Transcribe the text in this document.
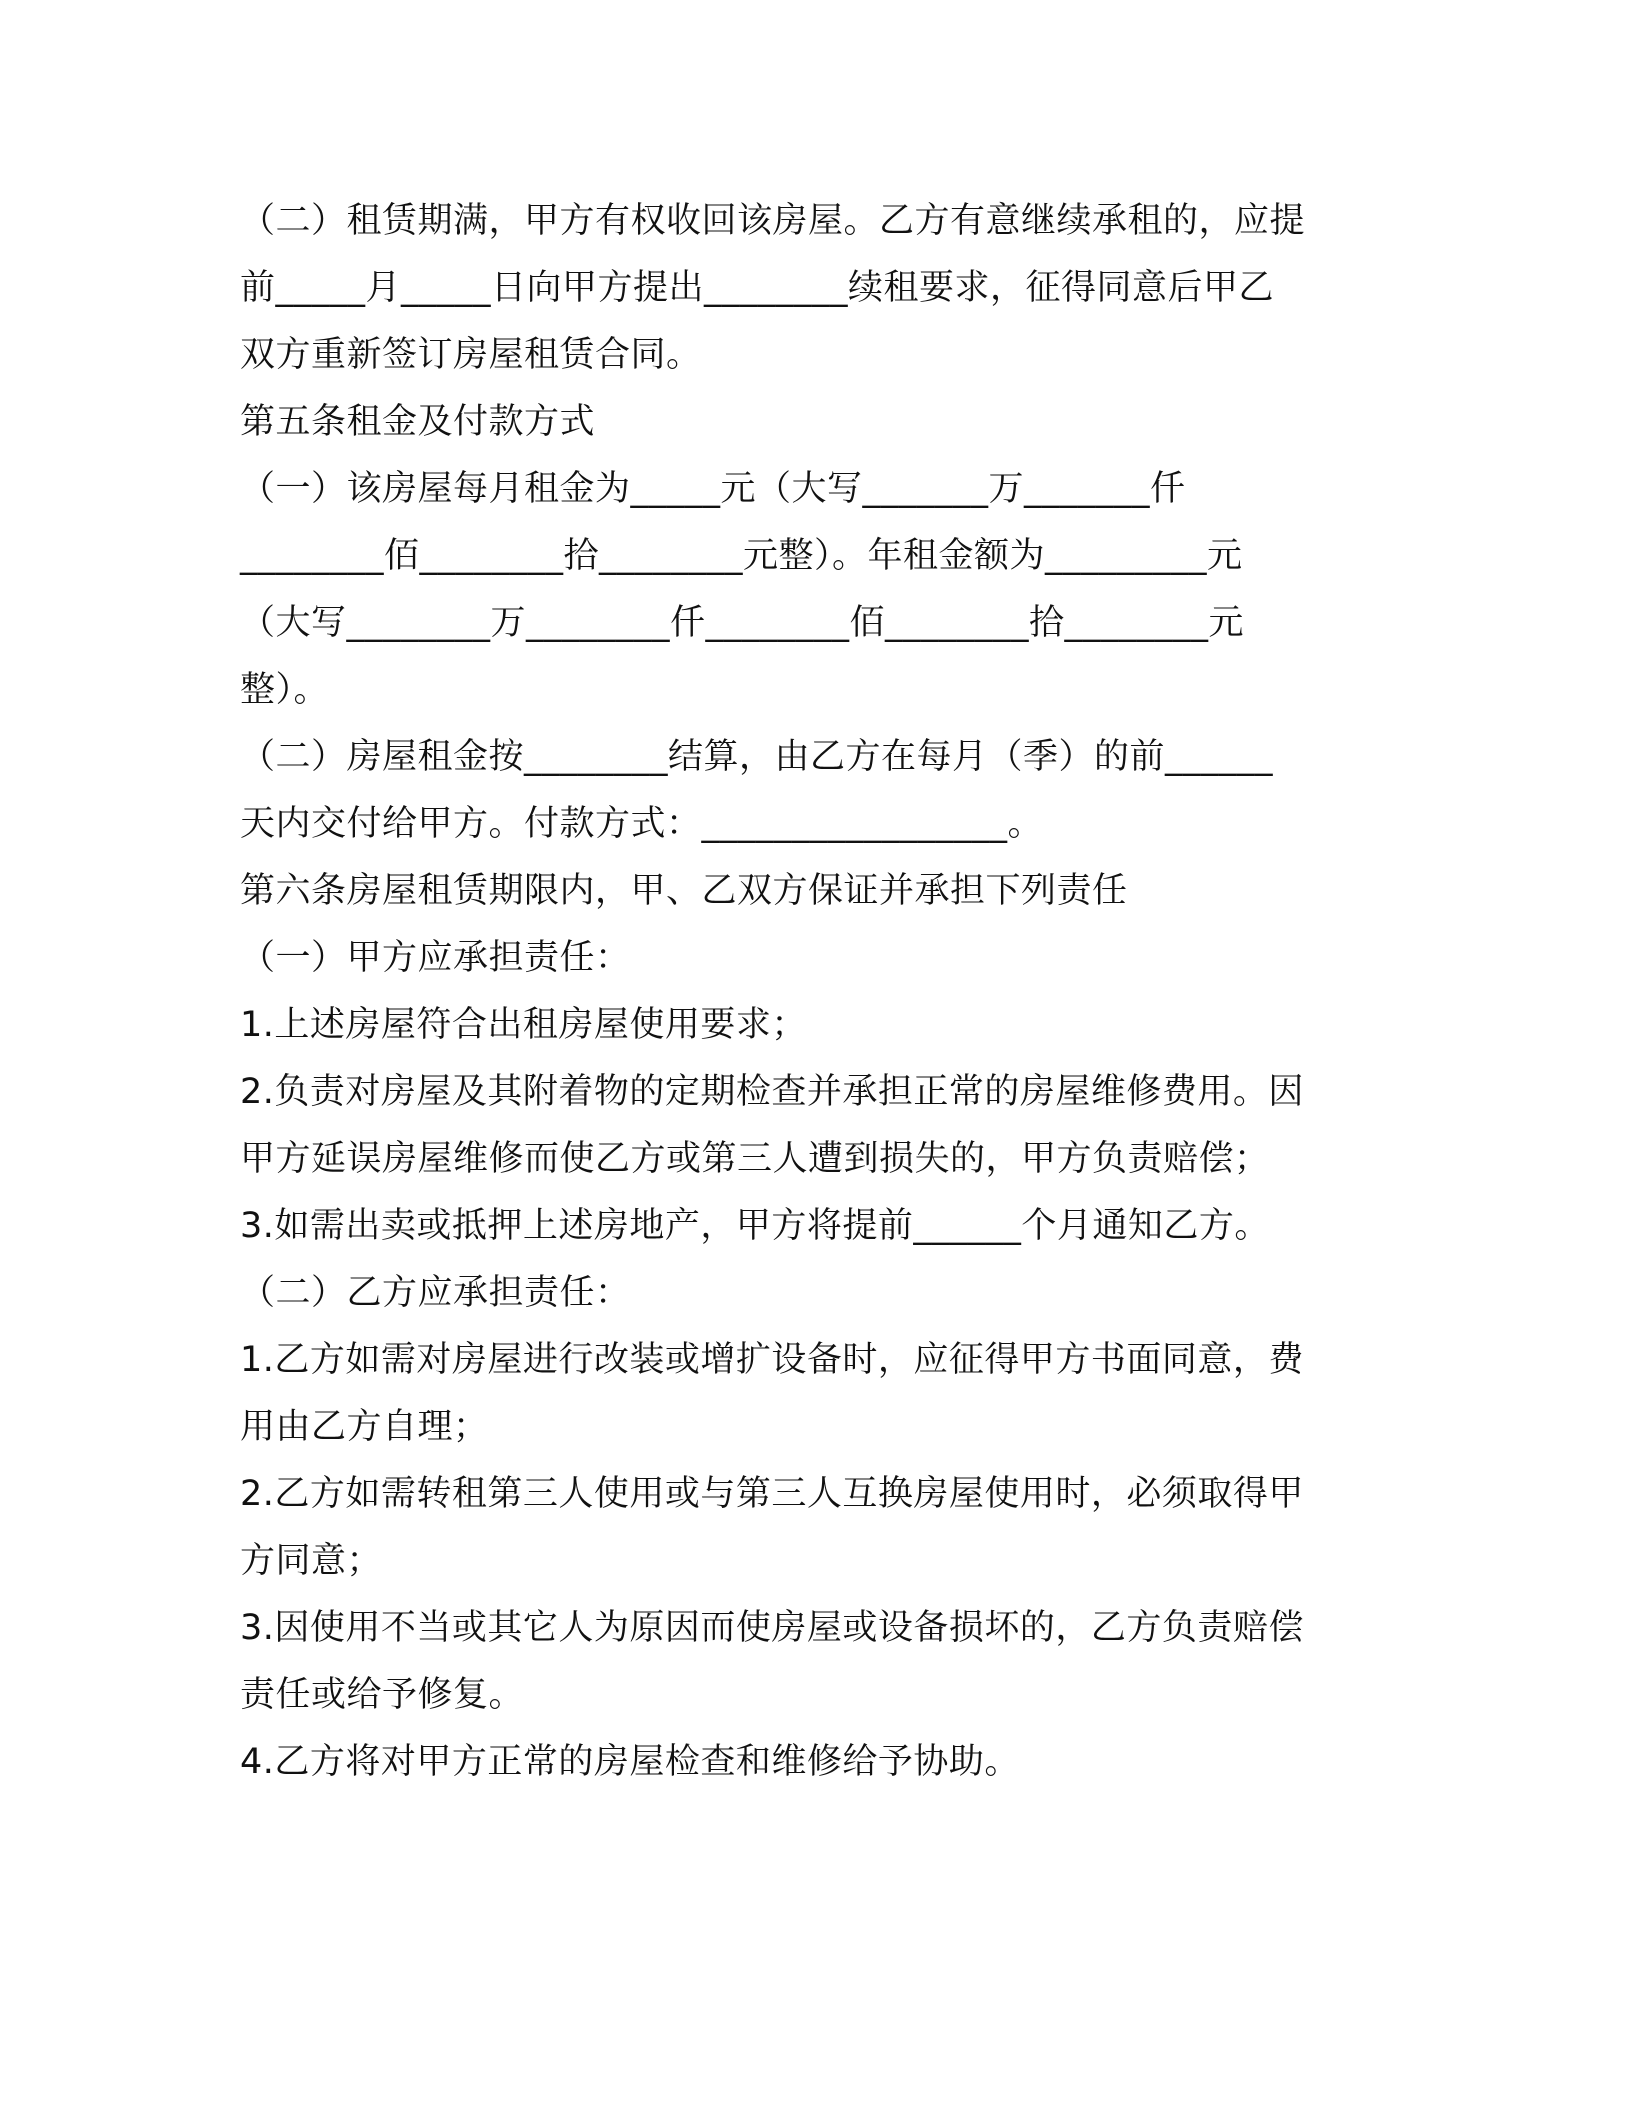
（二）租赁期满，甲方有权收回该房屋。乙方有意继续承租的，应提
前_____月_____日向甲方提出________续租要求，征得同意后甲乙
双方重新签订房屋租赁合同。
第五条租金及付款方式
（一）该房屋每月租金为_____元（大写_______万_______仟
________佰________拾________元整）。年租金额为_________元
（大写________万________仟________佰________拾________元
整）。
（二）房屋租金按________结算，由乙方在每月（季）的前______
天内交付给甲方。付款方式：_________________。
第六条房屋租赁期限内，甲、乙双方保证并承担下列责任
（一）甲方应承担责任：
1.上述房屋符合出租房屋使用要求；
2.负责对房屋及其附着物的定期检查并承担正常的房屋维修费用。因
甲方延误房屋维修而使乙方或第三人遭到损失的，甲方负责赔偿；
3.如需出卖或抵押上述房地产，甲方将提前______个月通知乙方。
（二）乙方应承担责任：
1.乙方如需对房屋进行改装或增扩设备时，应征得甲方书面同意，费
用由乙方自理；
2.乙方如需转租第三人使用或与第三人互换房屋使用时，必须取得甲
方同意；
3.因使用不当或其它人为原因而使房屋或设备损坏的，乙方负责赔偿
责任或给予修复。
4.乙方将对甲方正常的房屋检查和维修给予协助。
